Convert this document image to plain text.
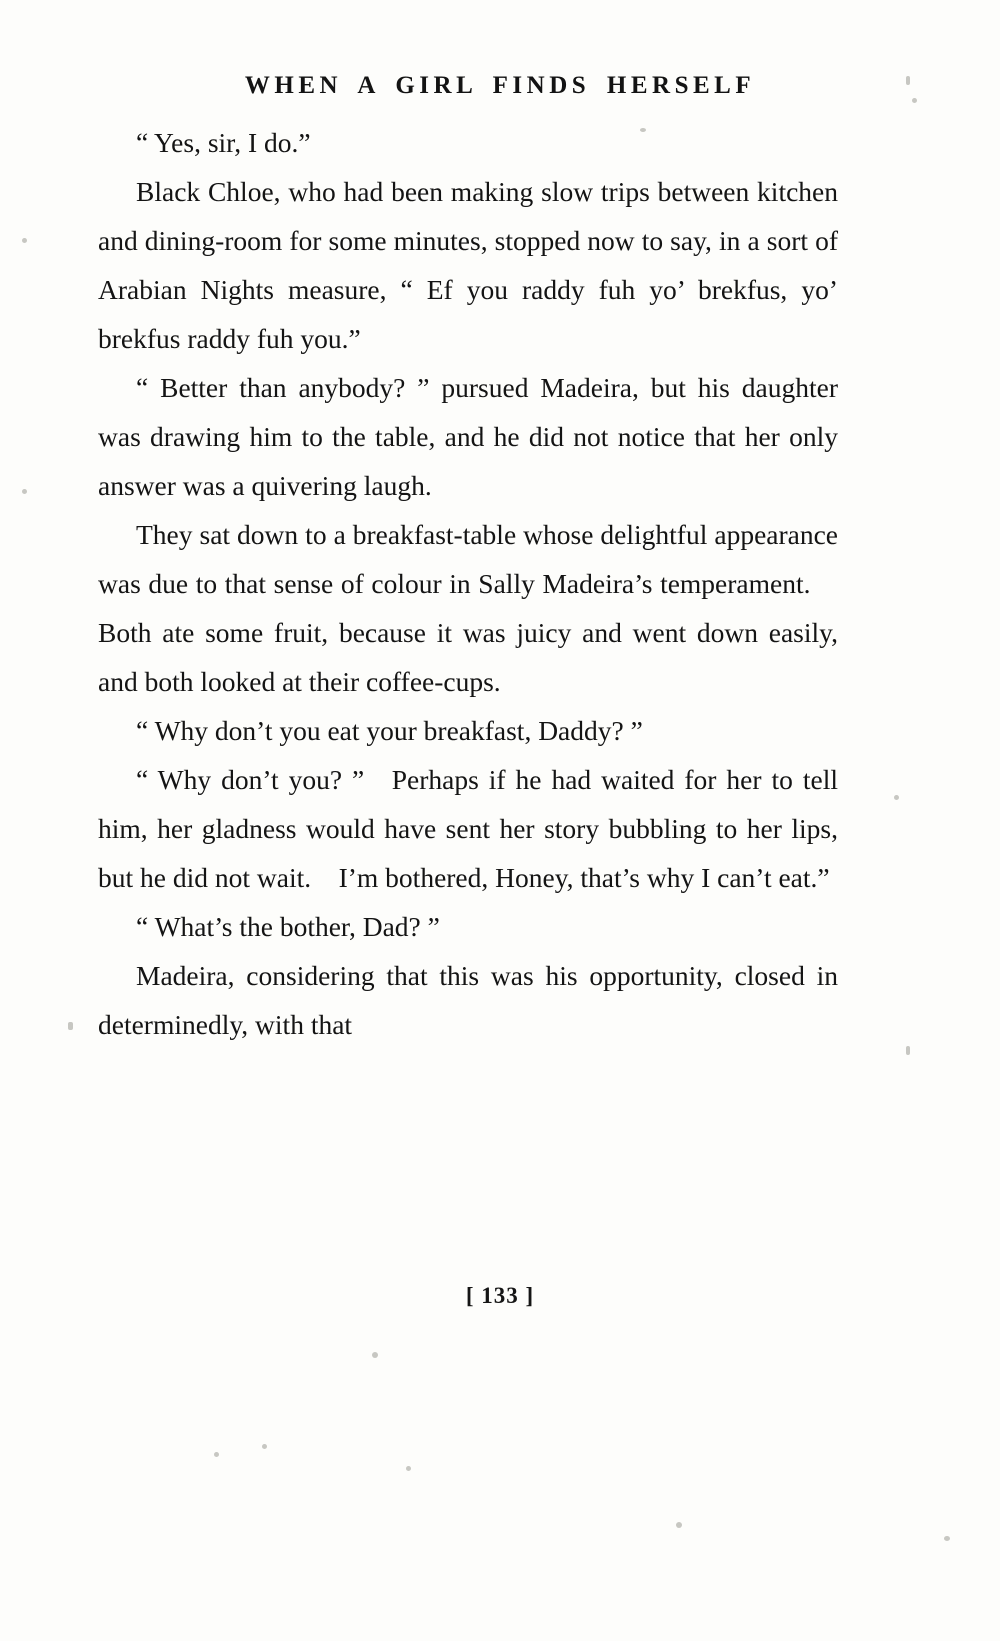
WHEN A GIRL FINDS HERSELF

“ Yes, sir, I do.”

Black Chloe, who had been making slow trips between kitchen and dining-room for some minutes, stopped now to say, in a sort of Arabian Nights measure, “ Ef you raddy fuh yo’ brekfus, yo’ brekfus raddy fuh you.”

“ Better than anybody? ” pursued Madeira, but his daughter was drawing him to the table, and he did not notice that her only answer was a quivering laugh.

They sat down to a breakfast-table whose delightful appearance was due to that sense of colour in Sally Madeira’s temperament. Both ate some fruit, because it was juicy and went down easily, and both looked at their coffee-cups.

“ Why don’t you eat your breakfast, Daddy? ”

“ Why don’t you? ” Perhaps if he had waited for her to tell him, her gladness would have sent her story bubbling to her lips, but he did not wait. I’m bothered, Honey, that’s why I can’t eat.”

“ What’s the bother, Dad? ”

Madeira, considering that this was his opportunity, closed in determinedly, with that

[ 133 ]
